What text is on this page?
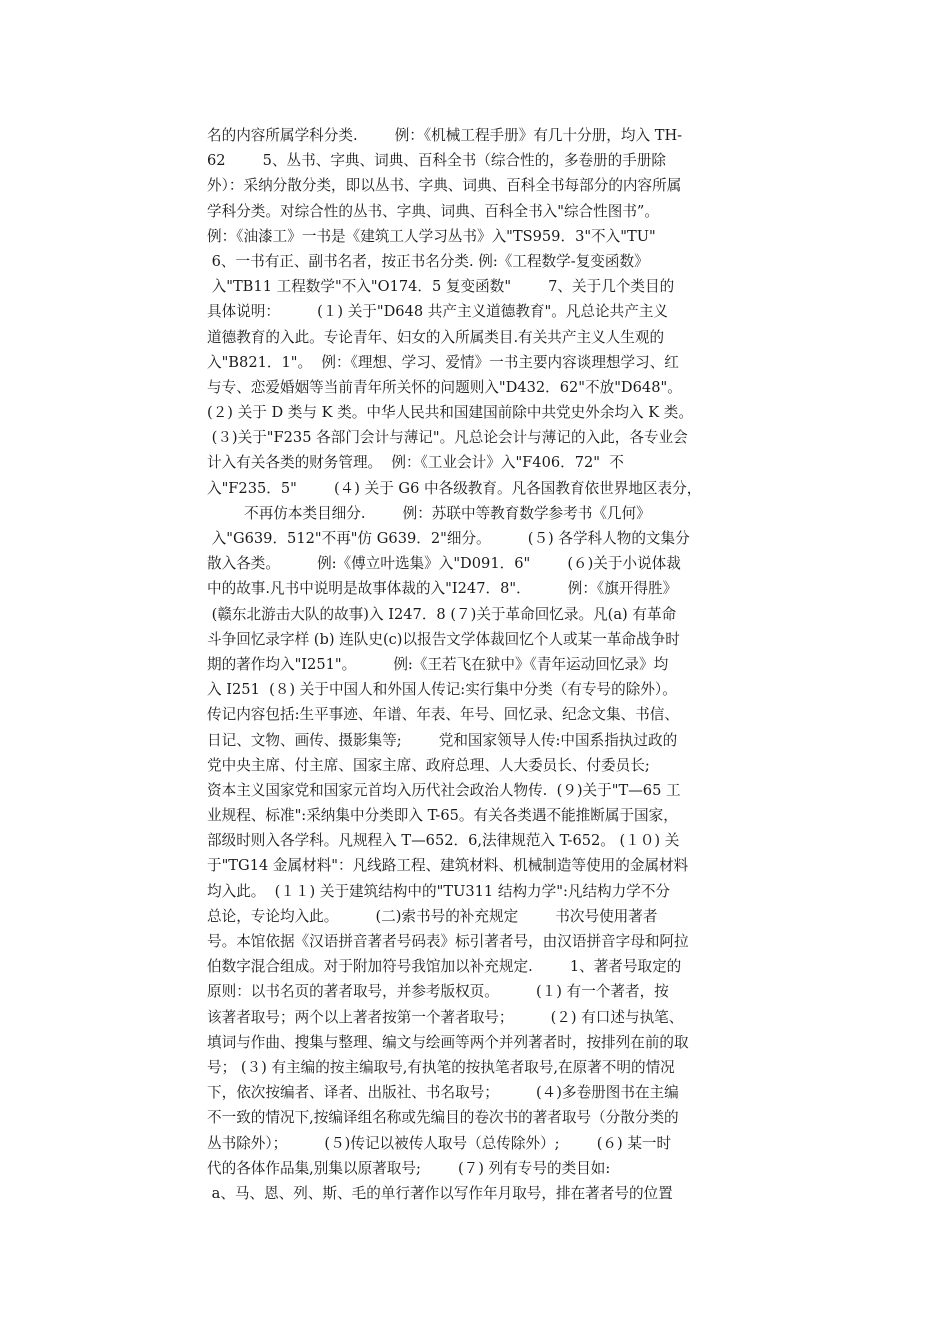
名的内容所属学科分类.        例：《机械工程手册》有几十分册，均入 TH-
62        5、丛书、字典、词典、百科全书（综合性的，多卷册的手册除
外）：采纳分散分类，即以丛书、字典、词典、百科全书每部分的内容所属
学科分类。对综合性的丛书、字典、词典、百科全书入"综合性图书”。
例：《油漆工》一书是《建筑工人学习丛书》入"TS959．3"不入"TU"
6、一书有正、副书名者，按正书名分类. 例:《工程数学-复变函数》
入"TB11 工程数学"不入"O174．5 复变函数"        7、关于几个类目的
具体说明：        (１) 关于"D648 共产主义道德教育"。凡总论共产主义
道德教育的入此。专论青年、妇女的入所属类目.有关共产主义人生观的
入"B821．1"。  例：《理想、学习、爱情》一书主要内容谈理想学习、红
与专、恋爱婚姻等当前青年所关怀的问题则入"D432．62"不放"D648"。
(２) 关于 D 类与 K 类。中华人民共和国建国前除中共党史外余均入 K 类。
(３)关于"F235 各部门会计与薄记"。凡总论会计与薄记的入此，各专业会
计入有关各类的财务管理。  例：《工业会计》入"F406．72"  不
入"F235．5"        (４) 关于 G6 中各级教育。凡各国教育依世界地区表分，
不再仿本类目细分.        例：苏联中等教育数学参考书《几何》
入"G639．512"不再"仿 G639．2"细分。        (５) 各学科人物的文集分
散入各类。        例:《傅立叶选集》入"D091．6"        (６)关于小说体裁
中的故事.凡书中说明是故事体裁的入"I247．8"．        例：《旗开得胜》
(赣东北游击大队的故事)入 I247．8 (７)关于革命回忆录。凡(a) 有革命
斗争回忆录字样 (b) 连队史(c)以报告文学体裁回忆个人或某一革命战争时
期的著作均入"I251"。        例:《王若飞在狱中》《青年运动回忆录》均
入 I251  (８) 关于中国人和外国人传记:实行集中分类（有专号的除外）。
传记内容包括:生平事迹、年谱、年表、年号、回忆录、纪念文集、书信、
日记、文物、画传、摄影集等;        党和国家领导人传:中国系指执过政的
党中央主席、付主席、国家主席、政府总理、人大委员长、付委员长;
资本主义国家党和国家元首均入历代社会政治人物传.  (９)关于"T—65 工
业规程、标准":采纳集中分类即入 T-65。有关各类遇不能推断属于国家，
部级时则入各学科。凡规程入 T—652．6,法律规范入 T-652。 (１０) 关
于"TG14 金属材料"：凡线路工程、建筑材料、机械制造等使用的金属材料
均入此。  (１１) 关于建筑结构中的"TU311 结构力学":凡结构力学不分
总论，专论均入此。        (二)索书号的补充规定        书次号使用著者
号。本馆依据《汉语拼音著者号码表》标引著者号，由汉语拼音字母和阿拉
伯数字混合组成。对于附加符号我馆加以补充规定.        1、著者号取定的
原则：以书名页的著者取号，并参考版权页。        (１) 有一个著者，按
该著者取号；两个以上著者按第一个著者取号；        (２) 有口述与执笔、
填词与作曲、搜集与整理、编文与绘画等两个并列著者时，按排列在前的取
号； (３) 有主编的按主编取号,有执笔的按执笔者取号,在原著不明的情况
下，依次按编者、译者、出版社、书名取号；        (４)多卷册图书在主编
不一致的情况下,按编译组名称或先编目的卷次书的著者取号（分散分类的
丛书除外）；        (５)传记以被传人取号（总传除外）;        (６) 某一时
代的各体作品集,别集以原著取号;        (７) 列有专号的类目如:
a、马、恩、列、斯、毛的单行著作以写作年月取号，排在著者号的位置
